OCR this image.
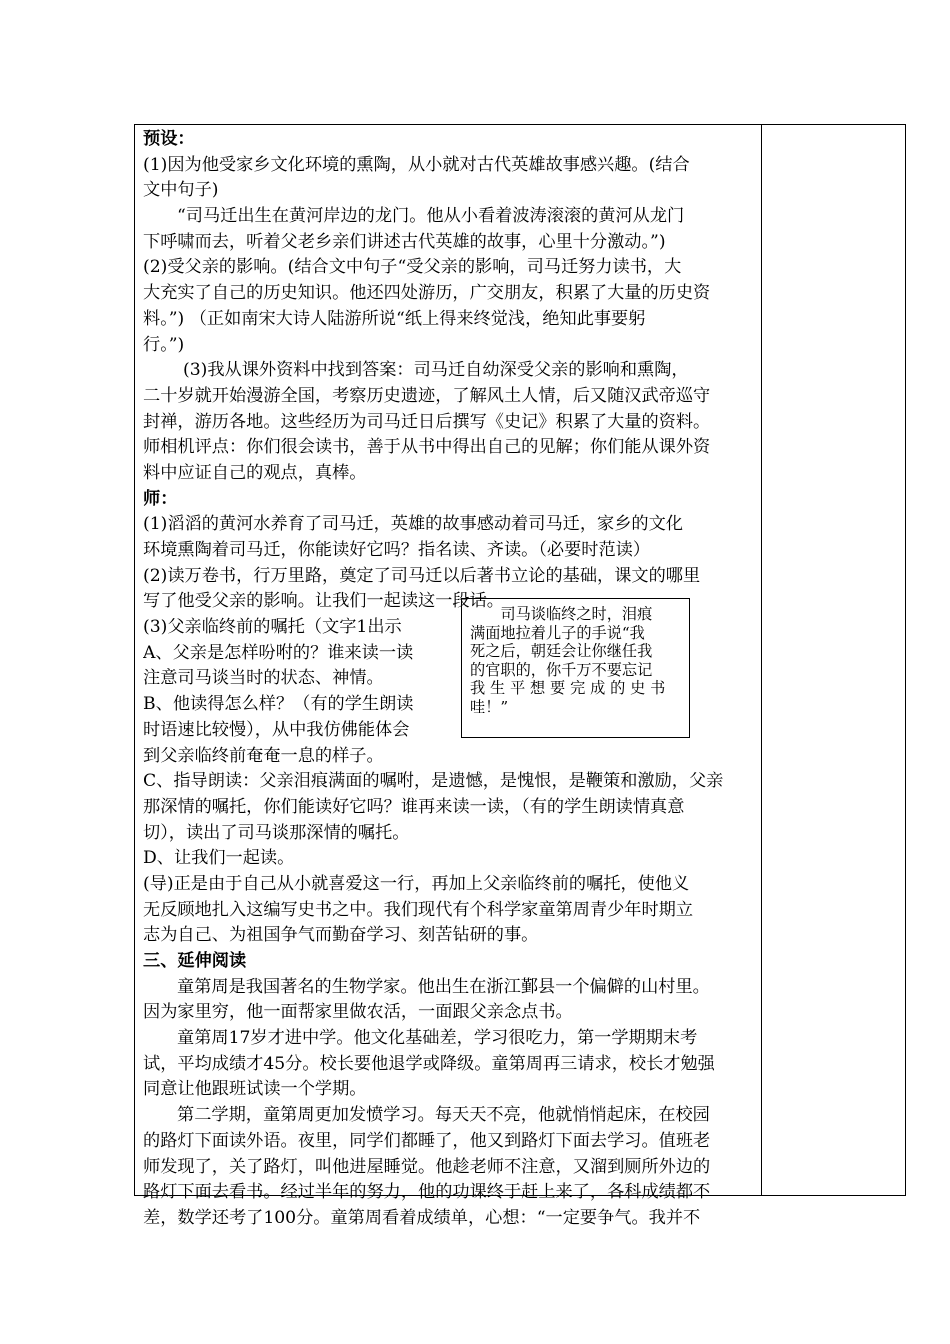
预设：
(1)因为他受家乡文化环境的熏陶，从小就对古代英雄故事感兴趣。(结合
文中句子)
“司马迁出生在黄河岸边的龙门。他从小看着波涛滚滚的黄河从龙门
下呼啸而去，听着父老乡亲们讲述古代英雄的故事，心里十分激动。”)
(2)受父亲的影响。(结合文中句子“受父亲的影响，司马迁努力读书，大
大充实了自己的历史知识。他还四处游历，广交朋友，积累了大量的历史资
料。”) （正如南宋大诗人陆游所说“纸上得来终觉浅，绝知此事要躬
行。”)
(3)我从课外资料中找到答案：司马迁自幼深受父亲的影响和熏陶，
二十岁就开始漫游全国，考察历史遗迹，了解风土人情，后又随汉武帝巡守
封禅，游历各地。这些经历为司马迁日后撰写《史记》积累了大量的资料。
师相机评点：你们很会读书，善于从书中得出自己的见解；你们能从课外资
料中应证自己的观点，真棒。
师：
(1)滔滔的黄河水养育了司马迁，英雄的故事感动着司马迁，家乡的文化
环境熏陶着司马迁，你能读好它吗？指名读、齐读。（必要时范读）
(2)读万卷书，行万里路，奠定了司马迁以后著书立论的基础，课文的哪里
写了他受父亲的影响。让我们一起读这一段话。
(3)父亲临终前的嘱托（文字1出示
A、父亲是怎样吩咐的？谁来读一读
注意司马谈当时的状态、神情。
B、他读得怎么样？（有的学生朗读
时语速比较慢），从中我仿佛能体会
到父亲临终前奄奄一息的样子。
C、指导朗读：父亲泪痕满面的嘱咐，是遗憾，是愧恨，是鞭策和激励，父亲
那深情的嘱托，你们能读好它吗？谁再来读一读，（有的学生朗读情真意
切），读出了司马谈那深情的嘱托。
D、让我们一起读。
(导)正是由于自己从小就喜爱这一行，再加上父亲临终前的嘱托，使他义
无反顾地扎入这编写史书之中。我们现代有个科学家童第周青少年时期立
志为自己、为祖国争气而勤奋学习、刻苦钻研的事。
三、延伸阅读
童第周是我国著名的生物学家。他出生在浙江鄞县一个偏僻的山村里。
因为家里穷，他一面帮家里做农活，一面跟父亲念点书。
童第周17岁才进中学。他文化基础差，学习很吃力，第一学期期末考
试，平均成绩才45分。校长要他退学或降级。童第周再三请求，校长才勉强
同意让他跟班试读一个学期。
第二学期，童第周更加发愤学习。每天天不亮，他就悄悄起床，在校园
的路灯下面读外语。夜里，同学们都睡了，他又到路灯下面去学习。值班老
师发现了，关了路灯，叫他进屋睡觉。他趁老师不注意，又溜到厕所外边的
路灯下面去看书。经过半年的努力，他的功课终于赶上来了，各科成绩都不
差，数学还考了100分。童第周看着成绩单，心想：“一定要争气。我并不
　　司马谈临终之时，泪痕
满面地拉着儿子的手说“我
死之后，朝廷会让你继任我
的官职的，你千万不要忘记
我 生 平 想 要 完 成 的 史 书
哇！”
